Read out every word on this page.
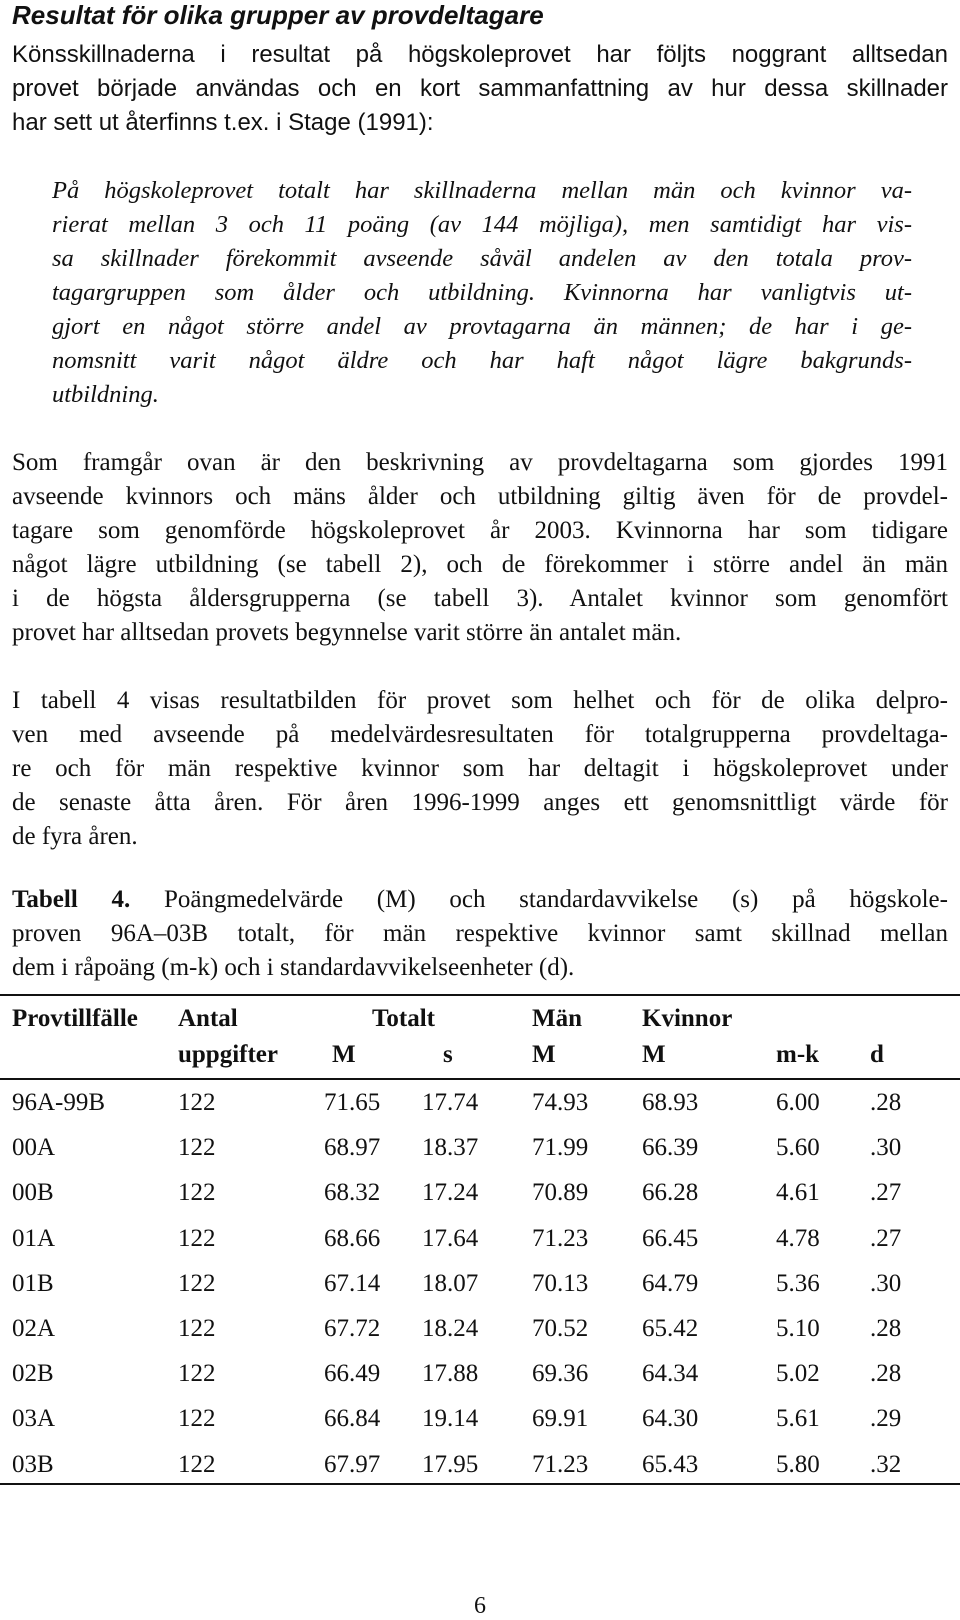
Resultat för olika grupper av provdeltagare
Könsskillnaderna i resultat på högskoleprovet har följts noggrant alltsedan
provet började användas och en kort sammanfattning av hur dessa skillnader
har sett ut återfinns t.ex. i Stage (1991):
På högskoleprovet totalt har skillnaderna mellan män och kvinnor va-
rierat mellan 3 och 11 poäng (av 144 möjliga), men samtidigt har vis-
sa skillnader förekommit avseende såväl andelen av den totala prov-
tagargruppen som ålder och utbildning. Kvinnorna har vanligtvis ut-
gjort en något större andel av provtagarna än männen; de har i ge-
nomsnitt varit något äldre och har haft något lägre bakgrunds-
utbildning.
Som framgår ovan är den beskrivning av provdeltagarna som gjordes 1991
avseende kvinnors och mäns ålder och utbildning giltig även för de provdel-
tagare som genomförde högskoleprovet år 2003. Kvinnorna har som tidigare
något lägre utbildning (se tabell 2), och de förekommer i större andel än män
i de högsta åldersgrupperna (se tabell 3). Antalet kvinnor som genomfört
provet har alltsedan provets begynnelse varit större än antalet män.
I tabell 4 visas resultatbilden för provet som helhet och för de olika delpro-
ven med avseende på medelvärdesresultaten för totalgrupperna provdeltaga-
re och för män respektive kvinnor som har deltagit i högskoleprovet under
de senaste åtta åren. För åren 1996-1999 anges ett genomsnittligt värde för
de fyra åren.
Tabell 4. Poängmedelvärde (M) och standardavvikelse (s) på högskole-
proven 96A–03B totalt, för män respektive kvinnor samt skillnad mellan
dem i råpoäng (m-k) och i standardavvikelseenheter (d).
Provtillfälle Antal	Totalt	Män Kvinnor
uppgifter M	s	M	M	m-k d
96A-99B	122	71.65 17.74 74.93 68.93	6.00 .28
00A	122	68.97 18.37 71.99 66.39	5.60 .30
00B	122	68.32 17.24 70.89 66.28	4.61 .27
01A	122	68.66 17.64 71.23 66.45	4.78 .27
01B	122	67.14 18.07 70.13 64.79	5.36 .30
02A	122	67.72 18.24 70.52 65.42	5.10 .28
02B	122	66.49 17.88 69.36 64.34	5.02 .28
03A	122	66.84 19.14 69.91 64.30	5.61 .29
03B	122	67.97 17.95 71.23 65.43	5.80 .32
6
